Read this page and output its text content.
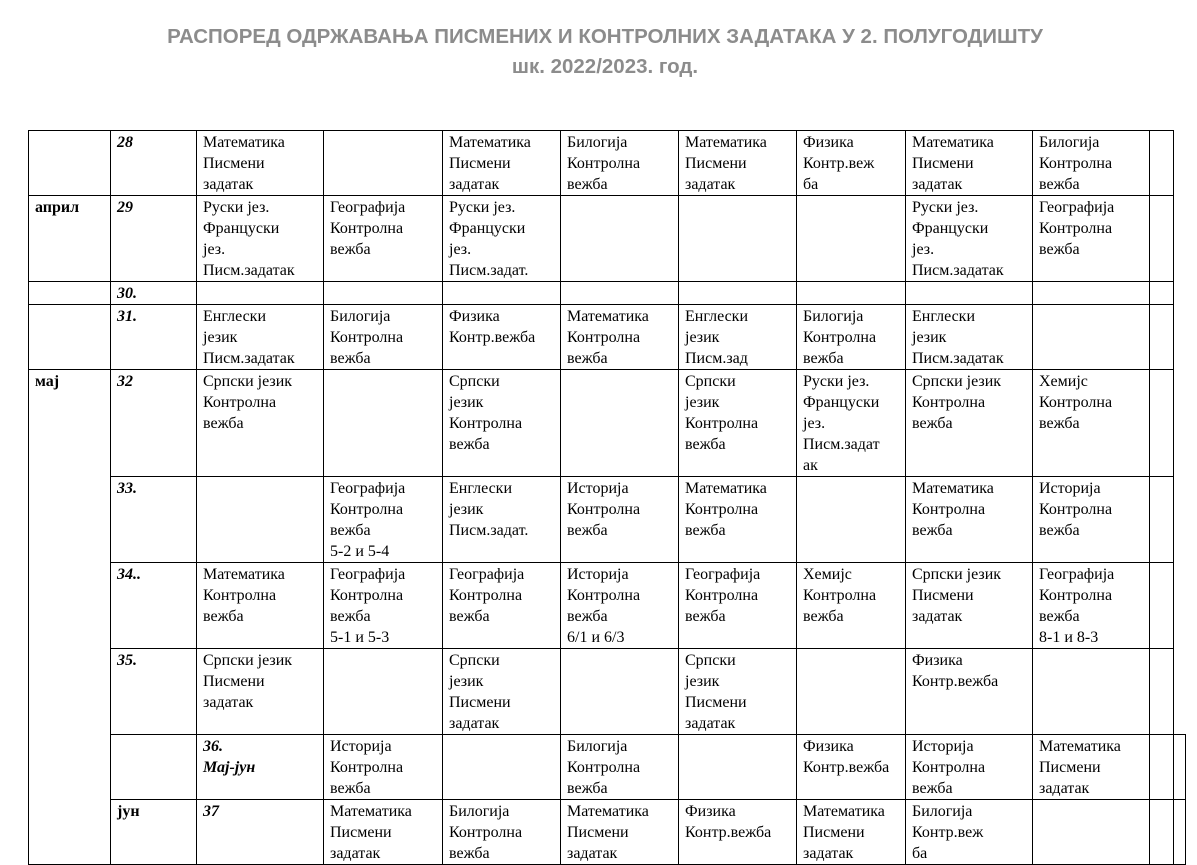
РАСПОРЕД ОДРЖАВАЊА ПИСМЕНИХ И КОНТРОЛНИХ ЗАДАТАКА У 2. ПОЛУГОДИШТУ
шк. 2022/2023. год.
	28	Математика
Писмени
задатак		Математика
Писмени
задатак	Билогија
Контролна
вежба	Математика
Писмени
задатак	Физика
Контр.веж
ба	Математика
Писмени
задатак	Билогија
Контролна
вежба		
април	29	Руски јез.
Француски
јез.
Писм.задатак	Географија
Контролна
вежба	Руски јез.
Француски
јез.
Писм.задат.				Руски јез.
Француски
јез.
Писм.задатак	Географија
Контролна
вежба		
	30.										
	31.	Енглески
језик
Писм.задатак	Билогија
Контролна
вежба	Физика
Контр.вежба	Математика
Контролна
вежба	Енглески
језик
Писм.зад	Билогија
Контролна
вежба	Енглески
језик
Писм.задатак			
мај	32	Српски језик
Контролна
вежба		Српски
језик
Контролна
вежба		Српски
језик
Контролна
вежба	Руски јез.
Француски
јез.
Писм.задат
ак	Српски језик
Контролна
вежба	Хемијс
Контролна
вежба		
	33.		Географија
Контролна
вежба
5-2 и 5-4	Енглески
језик
Писм.задат.	Историја
Контролна
вежба	Математика
Контролна
вежба		Математика
Контролна
вежба	Историја
Контролна
вежба		
	34..	Математика
Контролна
вежба	Географија
Контролна
вежба
5-1 и 5-3	Географија
Контролна
вежба	Историја
Контролна
вежба
6/1 и 6/3	Географија
Контролна
вежба	Хемијс
Контролна
вежба	Српски језик
Писмени
задатак	Географија
Контролна
вежба
8-1 и 8-3		
	35.	Српски језик
Писмени
задатак		Српски
језик
Писмени
задатак		Српски
језик
Писмени
задатак		Физика
Контр.вежба			
		36.
Мај-јун	Историја
Контролна
вежба		Билогија
Контролна
вежба		Физика
Контр.вежба	Историја
Контролна
вежба	Математика
Писмени
задатак		
	јун	37	Математика
Писмени
задатак	Билогија
Контролна
вежба	Математика
Писмени
задатак	Физика
Контр.вежба	Математика
Писмени
задатак	Билогија
Контр.веж
ба			
